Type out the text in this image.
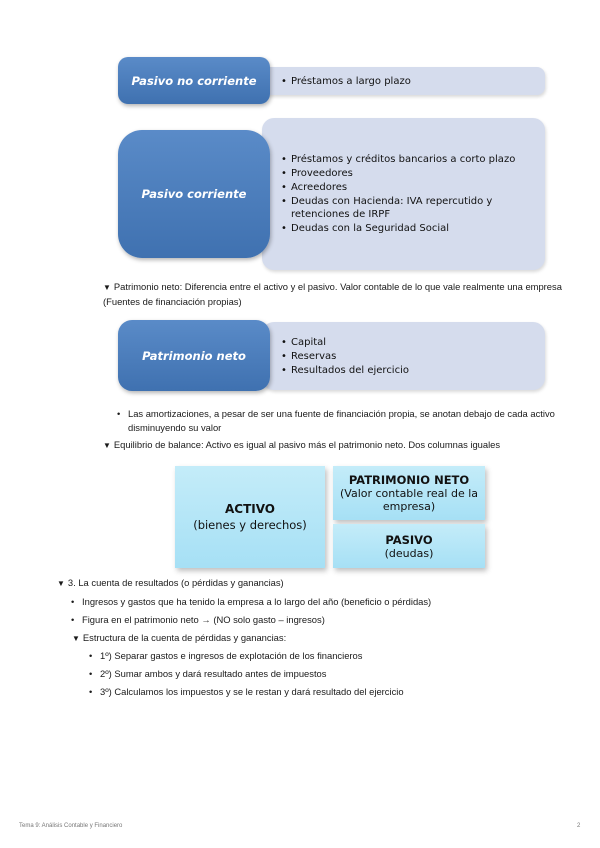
Pasivo no corriente
•	Préstamos a largo plazo
Pasivo corriente
• Préstamos y créditos bancarios a corto plazo
• Proveedores
• Acreedores
• Deudas con Hacienda: IVA repercutido y retenciones de IRPF
• Deudas con la Seguridad Social
▼ Patrimonio neto: Diferencia entre el activo y el pasivo. Valor contable de lo que vale realmente una empresa
(Fuentes de financiación propias)
Patrimonio neto
• Capital
• Reservas
• Resultados del ejercicio
• Las amortizaciones, a pesar de ser una fuente de financiación propia, se anotan debajo de cada activo
disminuyendo su valor
▼ Equilibrio de balance: Activo es igual al pasivo más el patrimonio neto. Dos columnas iguales
ACTIVO
(bienes y derechos)
PATRIMONIO NETO
(Valor contable real de la
empresa)
PASIVO
(deudas)
▼ 3. La cuenta de resultados (o pérdidas y ganancias)
• Ingresos y gastos que ha tenido la empresa a lo largo del año (beneficio o pérdidas)
• Figura en el patrimonio neto → (NO solo gasto – ingresos)
▼ Estructura de la cuenta de pérdidas y ganancias:
• 1º) Separar gastos e ingresos de explotación de los financieros
• 2º) Sumar ambos y dará resultado antes de impuestos
• 3º) Calculamos los impuestos y se le restan y dará resultado del ejercicio
Tema 9: Análisis Contable y Financiero	2
